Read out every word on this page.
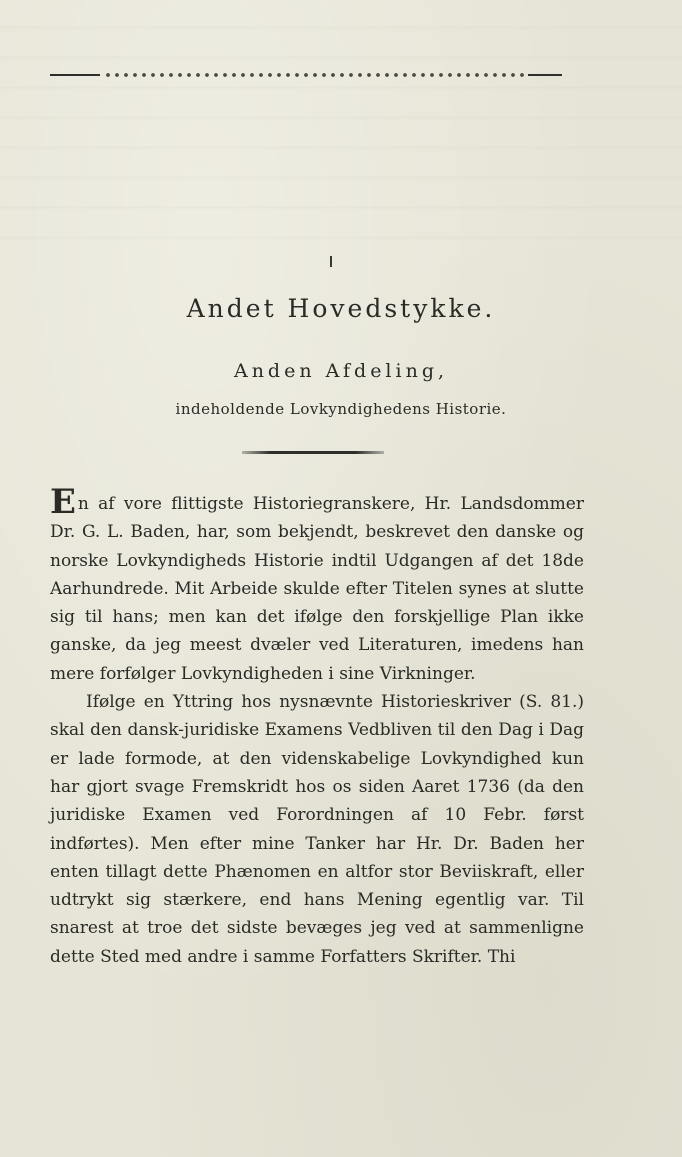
Andet Hovedstykke.
Anden Afdeling,
indeholdende Lovkyndighedens Historie.

En af vore flittigste Historiegranskere, Hr. Landsdommer Dr. G. L. Baden, har, som bekjendt, beskrevet den danske og norske Lovkyndigheds Historie indtil Udgangen af det 18de Aarhundrede. Mit Arbeide skulde efter Titelen synes at slutte sig til hans; men kan det ifølge den forskjellige Plan ikke ganske, da jeg meest dvæler ved Literaturen, imedens han mere forfølger Lovkyndigheden i sine Virkninger.

Ifølge en Yttring hos nysnævnte Historieskriver (S. 81.) skal den dansk-juridiske Examens Vedbliven til den Dag i Dag er lade formode, at den videnskabelige Lovkyndighed kun har gjort svage Fremskridt hos os siden Aaret 1736 (da den juridiske Examen ved Forordningen af 10 Febr. først indførtes). Men efter mine Tanker har Hr. Dr. Baden her enten tillagt dette Phænomen en altfor stor Beviiskraft, eller udtrykt sig stærkere, end hans Mening egentlig var. Til snarest at troe det sidste bevæges jeg ved at sammenligne dette Sted med andre i samme Forfatters Skrifter. Thi
